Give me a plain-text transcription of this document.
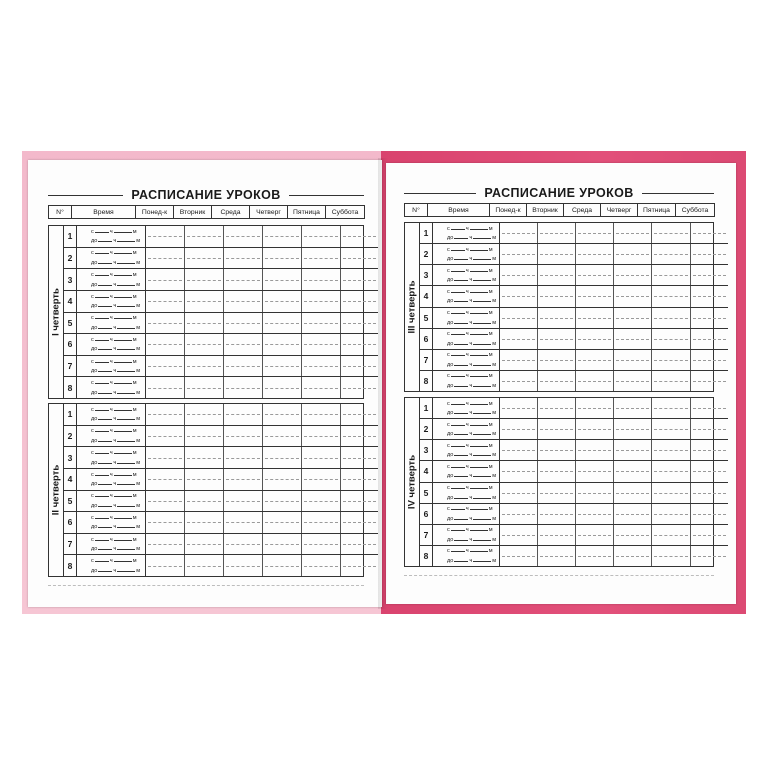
РАСПИСАНИЕ УРОКОВ
N°	Время	Понед-к	Вторник	Среда	Четверг	Пятница	Суббота
I четверть
1	с	ч	м
до	ч	м
2	с	ч	м
до	ч	м
3	с	ч	м
до	ч	м
4	с	ч	м
до	ч	м
5	с	ч	м
до	ч	м
6	с	ч	м
до	ч	м
7	с	ч	м
до	ч	м
8	с	ч	м
до	ч	м
II четверть
1	с	ч	м
до	ч	м
2	с	ч	м
до	ч	м
3	с	ч	м
до	ч	м
4	с	ч	м
до	ч	м
5	с	ч	м
до	ч	м
6	с	ч	м
до	ч	м
7	с	ч	м
до	ч	м
8	с	ч	м
до	ч	м
РАСПИСАНИЕ УРОКОВ
N°	Время	Понед-к	Вторник	Среда	Четверг	Пятница	Суббота
III четверть
1	с	ч	м
до	ч	м
2	с	ч	м
до	ч	м
3	с	ч	м
до	ч	м
4	с	ч	м
до	ч	м
5	с	ч	м
до	ч	м
6	с	ч	м
до	ч	м
7	с	ч	м
до	ч	м
8	с	ч	м
до	ч	м
IV четверть
1	с	ч	м
до	ч	м
2	с	ч	м
до	ч	м
3	с	ч	м
до	ч	м
4	с	ч	м
до	ч	м
5	с	ч	м
до	ч	м
6	с	ч	м
до	ч	м
7	с	ч	м
до	ч	м
8	с	ч	м
до	ч	м
